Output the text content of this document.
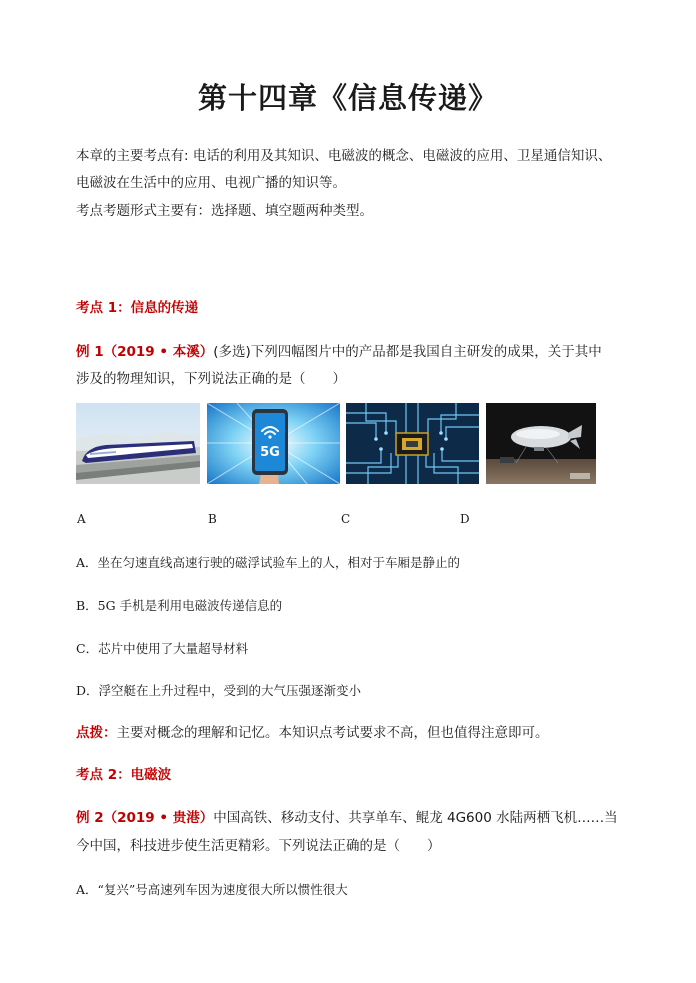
第十四章《信息传递》
本章的主要考点有: 电话的利用及其知识、电磁波的概念、电磁波的应用、卫星通信知识、
电磁波在生活中的应用、电视广播的知识等。
考点考题形式主要有：选择题、填空题两种类型。
考点 1：信息的传递
例 1（2019 • 本溪）(多选)下列四幅图片中的产品都是我国自主研发的成果，关于其中
涉及的物理知识，下列说法正确的是（　　）
5G
A	B	C	D
A．坐在匀速直线高速行驶的磁浮试验车上的人，相对于车厢是静止的
B．5G 手机是利用电磁波传递信息的
C．芯片中使用了大量超导材料
D．浮空艇在上升过程中，受到的大气压强逐渐变小
点拨：主要对概念的理解和记忆。本知识点考试要求不高，但也值得注意即可。
考点 2：电磁波
例 2（2019 • 贵港）中国高铁、移动支付、共享单车、鲲龙 4G600 水陆两栖飞机……当
今中国，科技进步使生活更精彩。下列说法正确的是（　　）
A．“复兴”号高速列车因为速度很大所以惯性很大
